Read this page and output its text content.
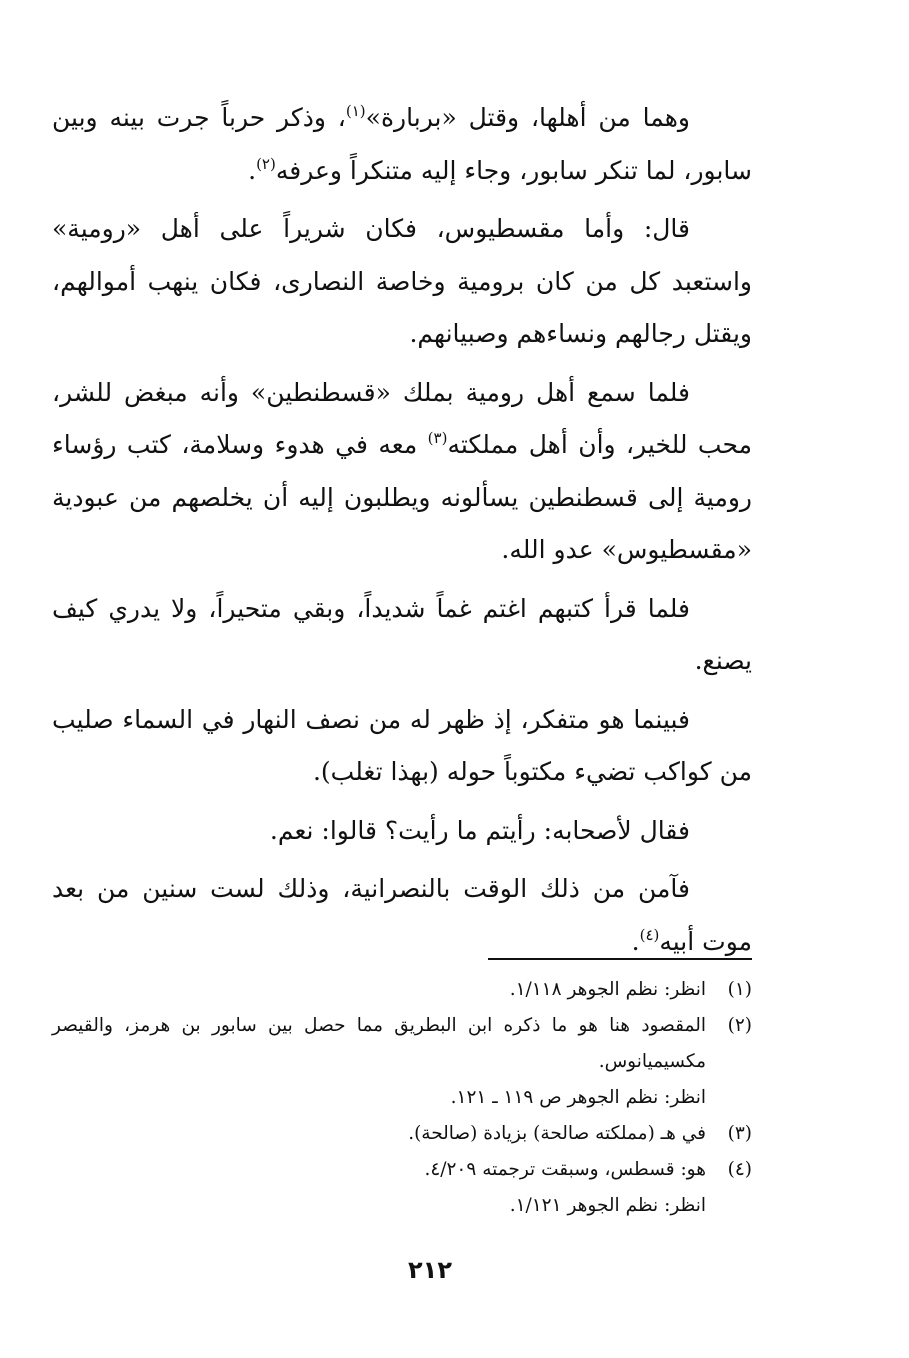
وهما من أهلها، وقتل «بربارة»$^{(١)}$، وذكر حرباً جرت بينه وبين سابور، لما تنكر سابور، وجاء إليه متنكراً وعرفه$^{(٢)}$.

قال: وأما مقسطيوس، فكان شريراً على أهل «رومية» واستعبد كل من كان برومية وخاصة النصارى، فكان ينهب أموالهم، ويقتل رجالهم ونساءهم وصبيانهم.

فلما سمع أهل رومية بملك «قسطنطين» وأنه مبغض للشر، محب للخير، وأن أهل مملكته$^{(٣)}$ معه في هدوء وسلامة، كتب رؤساء رومية إلى قسطنطين يسألونه ويطلبون إليه أن يخلصهم من عبودية «مقسطيوس» عدو الله.

فلما قرأ كتبهم اغتم غماً شديداً، وبقي متحيراً، ولا يدري كيف يصنع.

فبينما هو متفكر، إذ ظهر له من نصف النهار في السماء صليب من كواكب تضيء مكتوباً حوله (بهذا تغلب).

فقال لأصحابه: رأيتم ما رأيت؟ قالوا: نعم.

فآمن من ذلك الوقت بالنصرانية، وذلك لست سنين من بعد موت أبيه$^{(٤)}$.

(١)
انظر: نظم الجوهر ١/١١٨.
(٢)
المقصود هنا هو ما ذكره ابن البطريق مما حصل بين سابور بن هرمز، والقيصر مكسيميانوس.
انظر: نظم الجوهر ص ١١٩ ـ ١٢١.
(٣)
في هـ (مملكته صالحة) بزيادة (صالحة).
(٤)
هو: قسطس، وسبقت ترجمته ٤/٢٠٩.
انظر: نظم الجوهر ١/١٢١.
٢١٢
